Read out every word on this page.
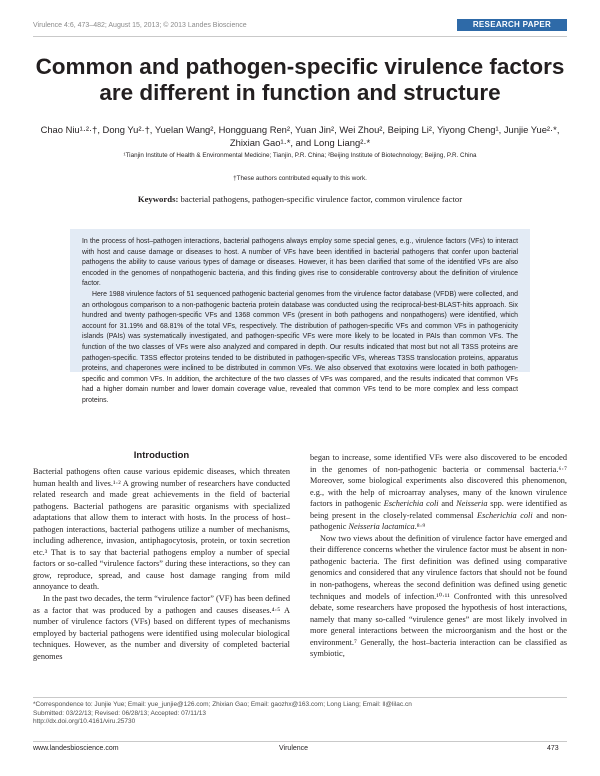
Virulence 4:6, 473–482; August 15, 2013; © 2013 Landes Bioscience	RESEARCH PAPER
Common and pathogen-specific virulence factors
are different in function and structure
Chao Niu¹·²·†, Dong Yu²·†, Yuelan Wang², Hongguang Ren², Yuan Jin², Wei Zhou², Beiping Li², Yiyong Cheng¹, Junjie Yue²·*,
Zhixian Gao¹·*, and Long Liang²·*
¹Tianjin Institute of Health & Environmental Medicine; Tianjin, P.R. China; ²Beijing Institute of Biotechnology; Beijing, P.R. China
†These authors contributed equally to this work.
Keywords: bacterial pathogens, pathogen-specific virulence factor, common virulence factor

In the process of host–pathogen interactions, bacterial pathogens always employ some special genes, e.g., virulence factors (VFs) to interact with host and cause damage or diseases to host. A number of VFs have been identified in bacterial pathogens that confer upon bacterial pathogens the ability to cause various types of damage or diseases. However, it has been clarified that some of the identified VFs are also encoded in the genomes of nonpathogenic bacteria, and this finding gives rise to considerable controversy about the definition of virulence factor.

Here 1988 virulence factors of 51 sequenced pathogenic bacterial genomes from the virulence factor database (VFDB) were collected, and an orthologous comparison to a non-pathogenic bacteria protein database was conducted using the reciprocal-best-BLAST-hits approach. Six hundred and twenty pathogen-specific VFs and 1368 common VFs (present in both pathogens and nonpathogens) were identified, which account for 31.19% and 68.81% of the total VFs, respectively. The distribution of pathogen-specific VFs and common VFs in pathogenicity islands (PAIs) was systematically investigated, and pathogen-specific VFs were more likely to be located in PAIs than common VFs. The function of the two classes of VFs were also analyzed and compared in depth. Our results indicated that most but not all T3SS proteins are pathogen-specific. T3SS effector proteins tended to be distributed in pathogen-specific VFs, whereas T3SS translocation proteins, apparatus proteins, and chaperones were inclined to be distributed in common VFs. We also observed that exotoxins were located in both pathogen-specific and common VFs. In addition, the architecture of the two classes of VFs was compared, and the results indicated that common VFs had a higher domain number and lower domain coverage value, revealed that common VFs tend to be more complex and less compact proteins.

Introduction

Bacterial pathogens often cause various epidemic diseases, which threaten human health and lives.¹·² A growing number of researchers have conducted related research and made great achievements in the field of bacterial pathogens. Bacterial pathogens are parasitic organisms with specialized adaptations that allow them to interact with hosts. In the process of host–pathogen interactions, bacterial pathogens utilize a number of mechanisms, including adherence, invasion, antiphagocytosis, protein, or toxin secretion etc.³ That is to say that bacterial pathogens employ a number of special factors or so-called “virulence factors” during these interactions, so they can grow, reproduce, spread, and cause host damage ranging from mild annoyance to death.

In the past two decades, the term “virulence factor” (VF) has been defined as a factor that was produced by a pathogen and causes diseases.⁴·⁵ A number of virulence factors (VFs) based on different types of mechanisms employed by bacterial pathogens were identified using molecular biological techniques. However, as the number and diversity of completed bacterial genomes

began to increase, some identified VFs were also discovered to be encoded in the genomes of non-pathogenic bacteria or commensal bacteria.⁶·⁷ Moreover, some biological experiments also discovered this phenomenon, e.g., with the help of microarray analyses, many of the known virulence factors in pathogenic Escherichia coli and Neisseria spp. were identified as being present in the closely-related commensal Escherichia coli and non-pathogenic Neisseria lactamica.⁸·⁹

Now two views about the definition of virulence factor have emerged and their difference concerns whether the virulence factor must be absent in non-pathogenic bacteria. The first definition was defined using comparative genomics and considered that any virulence factors that should not be found in non-pathogens, whereas the second definition was defined using genetic techniques and models of infection.¹⁰·¹¹ Confronted with this unresolved debate, some researchers have proposed the hypothesis of host interactions, namely that many so-called “virulence genes” are most likely involved in more general interactions between the microorganism and the host or the environment.⁷ Generally, the host–bacteria interaction can be classified as symbiotic,

*Correspondence to: Junjie Yue; Email: yue_junjie@126.com; Zhixian Gao; Email: gaozhx@163.com; Long Liang; Email: ll@lilac.cn
Submitted: 03/22/13; Revised: 06/28/13; Accepted: 07/11/13
http://dx.doi.org/10.4161/viru.25730
www.landesbioscience.com	Virulence	473
